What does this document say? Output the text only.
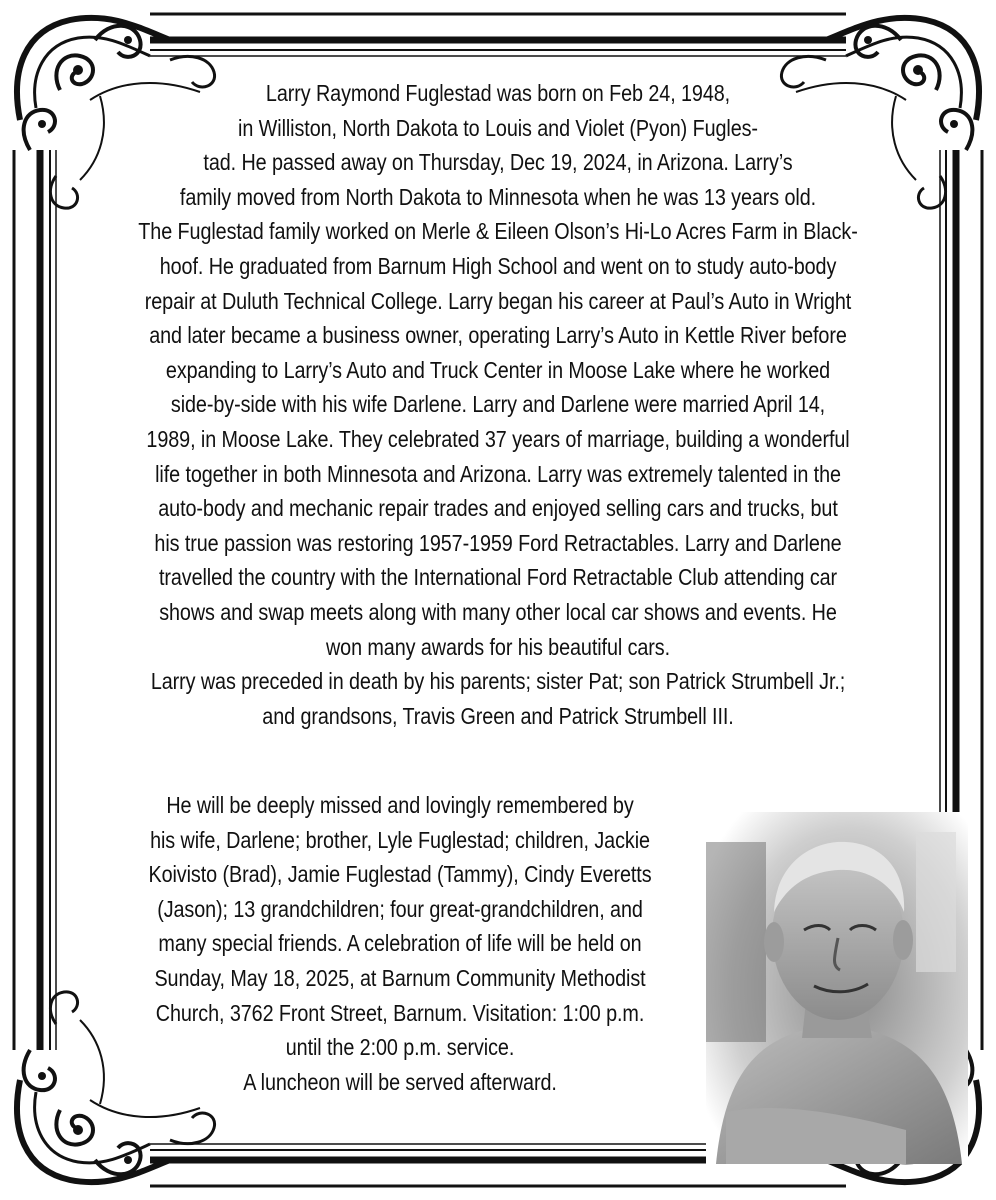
Larry Raymond Fuglestad was born on Feb 24, 1948,
in Williston, North Dakota to Louis and Violet (Pyon) Fugles-
tad. He passed away on Thursday, Dec 19, 2024, in Arizona. Larry’s
family moved from North Dakota to Minnesota when he was 13 years old.
The Fuglestad family worked on Merle & Eileen Olson’s Hi-Lo Acres Farm in Black-
hoof. He graduated from Barnum High School and went on to study auto-body
repair at Duluth Technical College. Larry began his career at Paul’s Auto in Wright
and later became a business owner, operating Larry’s Auto in Kettle River before
expanding to Larry’s Auto and Truck Center in Moose Lake where he worked
side-by-side with his wife Darlene. Larry and Darlene were married April 14,
1989, in Moose Lake. They celebrated 37 years of marriage, building a wonderful
life together in both Minnesota and Arizona. Larry was extremely talented in the
auto-body and mechanic repair trades and enjoyed selling cars and trucks, but
his true passion was restoring 1957-1959 Ford Retractables. Larry and Darlene
travelled the country with the International Ford Retractable Club attending car
shows and swap meets along with many other local car shows and events. He
won many awards for his beautiful cars.
Larry was preceded in death by his parents; sister Pat; son Patrick Strumbell Jr.;
and grandsons, Travis Green and Patrick Strumbell III.
He will be deeply missed and lovingly remembered by
his wife, Darlene; brother, Lyle Fuglestad; children, Jackie
Koivisto (Brad), Jamie Fuglestad (Tammy), Cindy Everetts
(Jason); 13 grandchildren; four great-grandchildren, and
many special friends. A celebration of life will be held on
Sunday, May 18, 2025, at Barnum Community Methodist
Church, 3762 Front Street, Barnum. Visitation: 1:00 p.m.
until the 2:00 p.m. service.
A luncheon will be served afterward.
